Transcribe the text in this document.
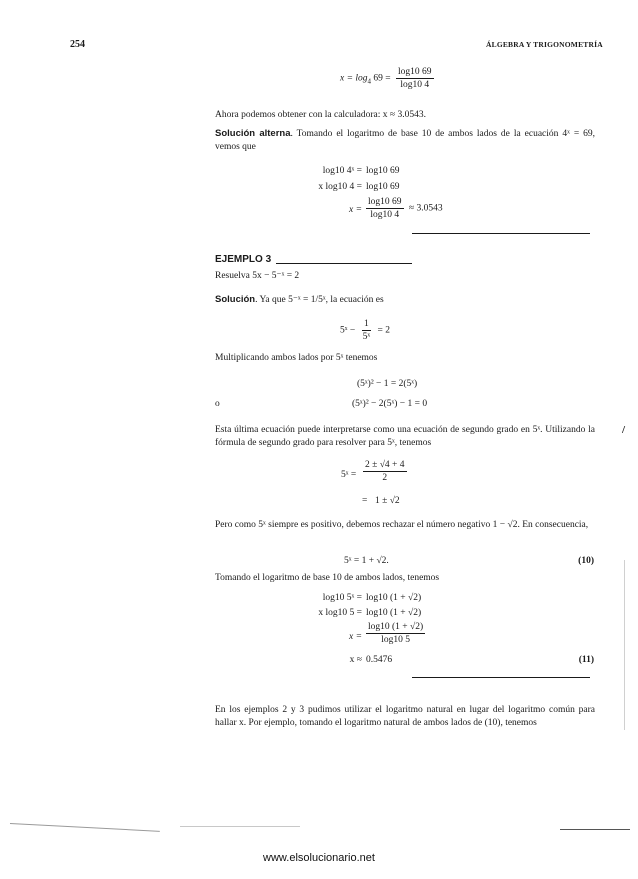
254	ÁLGEBRA Y TRIGONOMETRÍA
$x = \log_4 69 = \frac{\log 10 69}{\log 10 4}$
Ahora podemos obtener con la calculadora: x ≈ 3.0543.
Solución alterna. Tomando el logaritmo de base 10 de ambos lados de la ecuación 4ˣ = 69, vemos que
log10 4ˣ = log10 69
x log10 4 = log10 69
$x = \frac{\log 10 69}{\log 10 4} \approx 3.0543$
EJEMPLO 3
Resuelva 5x − 5⁻ˣ = 2
Solución. Ya que 5⁻ˣ = 1/5ˣ, la ecuación es
5ˣ − $\frac{1}{\text{5ˣ}} = 2$
Multiplicando ambos lados por 5ˣ tenemos
(5ˣ)² − 1 = 2(5ˣ)
o	(5ˣ)² − 2(5ˣ) − 1 = 0
Esta última ecuación puede interpretarse como una ecuación de segundo grado en 5ˣ. Utilizando la fórmula de segundo grado para resolver para 5ˣ, tenemos
5ˣ = $\frac{2 \pm √4 + 4}{2}$
= 1 ± √2
Pero como 5ˣ siempre es positivo, debemos rechazar el número negativo 1 − √2. En consecuencia,
5ˣ = 1 + √2.	(10)
Tomando el logaritmo de base 10 de ambos lados, tenemos
log10 5ˣ = log10 (1 + √2)
x log10 5 = log10 (1 + √2)
$x = \frac{\log 10 (1 + √2)}{\log 10 5}$
x ≈ 0.5476	(11)
En los ejemplos 2 y 3 pudimos utilizar el logaritmo natural en lugar del logaritmo común para hallar x. Por ejemplo, tomando el logaritmo natural de ambos lados de (10), tenemos
/
www.elsolucionario.net
